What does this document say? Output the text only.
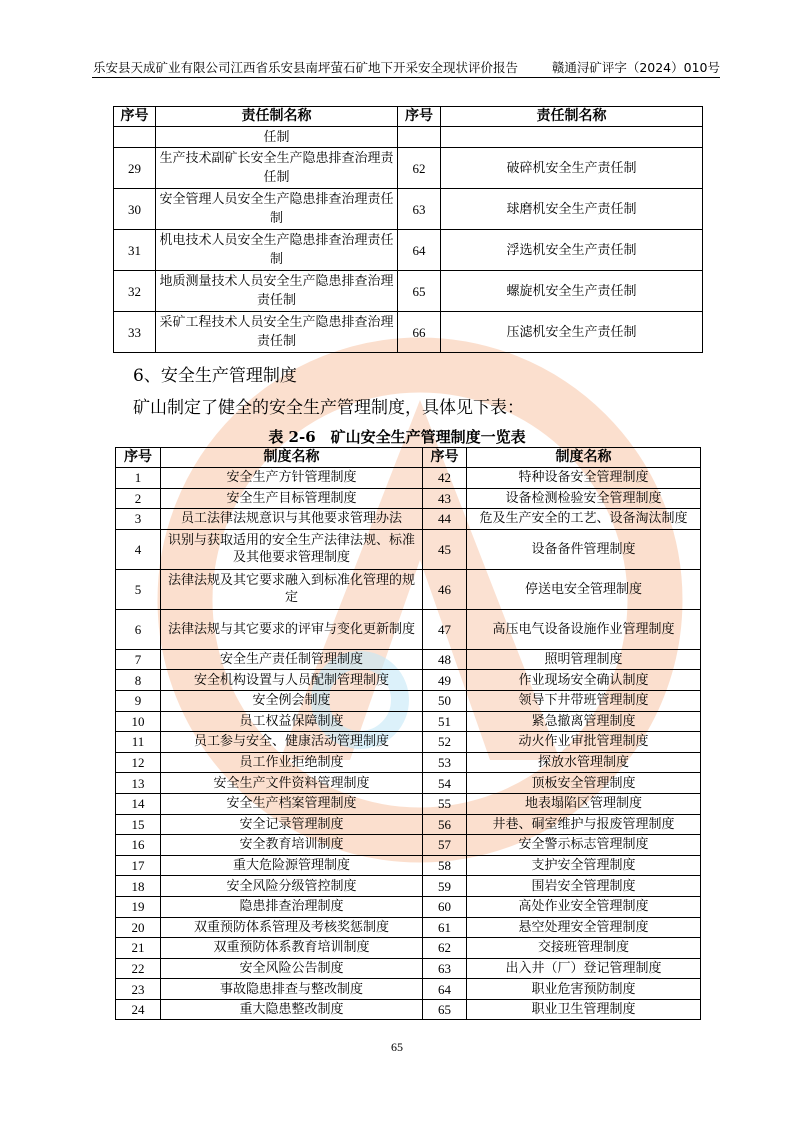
乐安县天成矿业有限公司江西省乐安县南坪萤石矿地下开采安全现状评价报告	赣通浔矿评字（2024）010号
序号	责任制名称	序号	责任制名称
	任制		
29	生产技术副矿长安全生产隐患排查治理责任制	62	破碎机安全生产责任制
30	安全管理人员安全生产隐患排查治理责任制	63	球磨机安全生产责任制
31	机电技术人员安全生产隐患排查治理责任制	64	浮选机安全生产责任制
32	地质测量技术人员安全生产隐患排查治理责任制	65	螺旋机安全生产责任制
33	采矿工程技术人员安全生产隐患排查治理责任制	66	压滤机安全生产责任制
6、安全生产管理制度
矿山制定了健全的安全生产管理制度，具体见下表：
表 2-6　矿山安全生产管理制度一览表
序号	制度名称	序号	制度名称
1	安全生产方针管理制度	42	特种设备安全管理制度
2	安全生产目标管理制度	43	设备检测检验安全管理制度
3	员工法律法规意识与其他要求管理办法	44	危及生产安全的工艺、设备淘汰制度
4	识别与获取适用的安全生产法律法规、标准及其他要求管理制度	45	设备备件管理制度
5	法律法规及其它要求融入到标准化管理的规定	46	停送电安全管理制度
6	法律法规与其它要求的评审与变化更新制度	47	高压电气设备设施作业管理制度
7	安全生产责任制管理制度	48	照明管理制度
8	安全机构设置与人员配制管理制度	49	作业现场安全确认制度
9	安全例会制度	50	领导下井带班管理制度
10	员工权益保障制度	51	紧急撤离管理制度
11	员工参与安全、健康活动管理制度	52	动火作业审批管理制度
12	员工作业拒绝制度	53	探放水管理制度
13	安全生产文件资料管理制度	54	顶板安全管理制度
14	安全生产档案管理制度	55	地表塌陷区管理制度
15	安全记录管理制度	56	井巷、硐室维护与报废管理制度
16	安全教育培训制度	57	安全警示标志管理制度
17	重大危险源管理制度	58	支护安全管理制度
18	安全风险分级管控制度	59	围岩安全管理制度
19	隐患排查治理制度	60	高处作业安全管理制度
20	双重预防体系管理及考核奖惩制度	61	悬空处理安全管理制度
21	双重预防体系教育培训制度	62	交接班管理制度
22	安全风险公告制度	63	出入井（厂）登记管理制度
23	事故隐患排查与整改制度	64	职业危害预防制度
24	重大隐患整改制度	65	职业卫生管理制度
65
